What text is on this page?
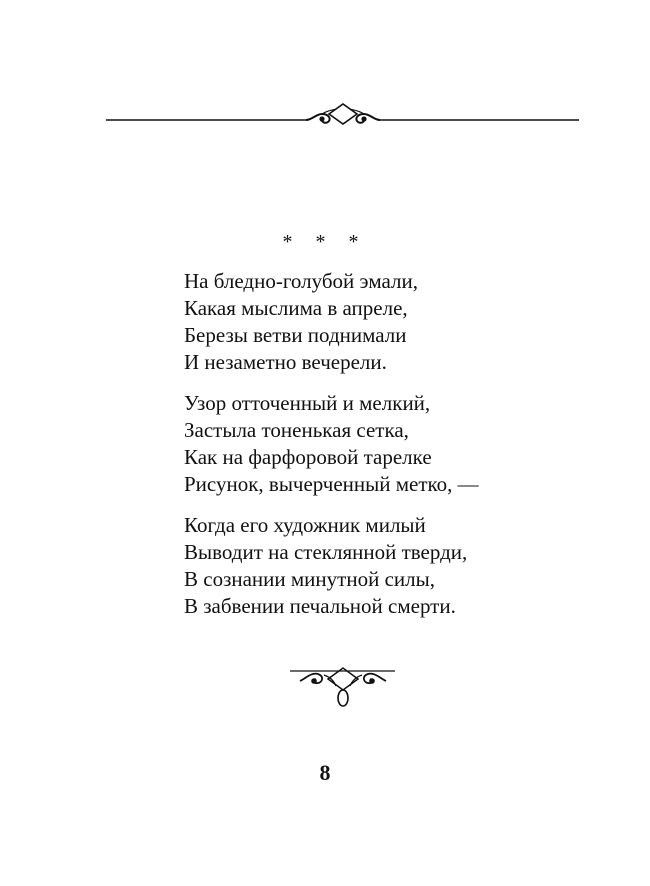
* * *
На бледно-голубой эмали,
Какая мыслима в апреле,
Березы ветви поднимали
И незаметно вечерели.
Узор отточенный и мелкий,
Застыла тоненькая сетка,
Как на фарфоровой тарелке
Рисунок, вычерченный метко, —
Когда его художник милый
Выводит на стеклянной тверди,
В сознании минутной силы,
В забвении печальной смерти.
8
